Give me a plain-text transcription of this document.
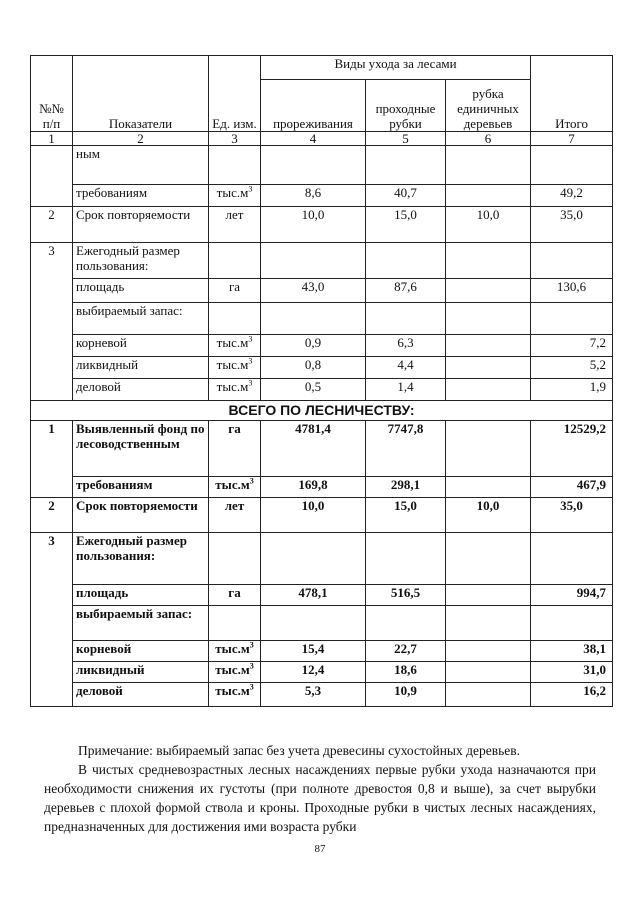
№№ п/п	Показатели	Ед. изм.	Виды ухода за лесами			Итого
			прореживания	проходные рубки	рубка единичных деревьев	
1	2	3	4	5	6	7
	ным					
	требованиям	$тыс.м^3$	8,6	40,7		49,2
2	Срок повторяемости	лет	10,0	15,0	10,0	35,0
3	Ежегодный размер пользования:					
	площадь	га	43,0	87,6		130,6
	выбираемый запас:					
	корневой	$тыс.м^3$	0,9	6,3		7,2
	ликвидный	$тыс.м^3$	0,8	4,4		5,2
	деловой	$тыс.м^3$	0,5	1,4		1,9
ВСЕГО ПО ЛЕСНИЧЕСТВУ:						
1	Выявленный фонд по лесоводственным	га	4781,4	7747,8		12529,2
	требованиям	$тыс.м^3$	169,8	298,1		467,9
2	Срок повторяемости	лет	10,0	15,0	10,0	35,0
3	Ежегодный размер пользования:					
	площадь	га	478,1	516,5		994,7
	выбираемый запас:					
	корневой	$тыс.м^3$	15,4	22,7		38,1
	ликвидный	$тыс.м^3$	12,4	18,6		31,0
	деловой	$тыс.м^3$	5,3	10,9		16,2

Примечание: выбираемый запас без учета древесины сухостойных деревьев.

В чистых средневозрастных лесных насаждениях первые рубки ухода назначаются при необходимости снижения их густоты (при полноте древостоя 0,8 и выше), за счет вырубки деревьев с плохой формой ствола и кроны. Проходные рубки в чистых лесных насаждениях, предназначенных для достижения ими возраста рубки

87
